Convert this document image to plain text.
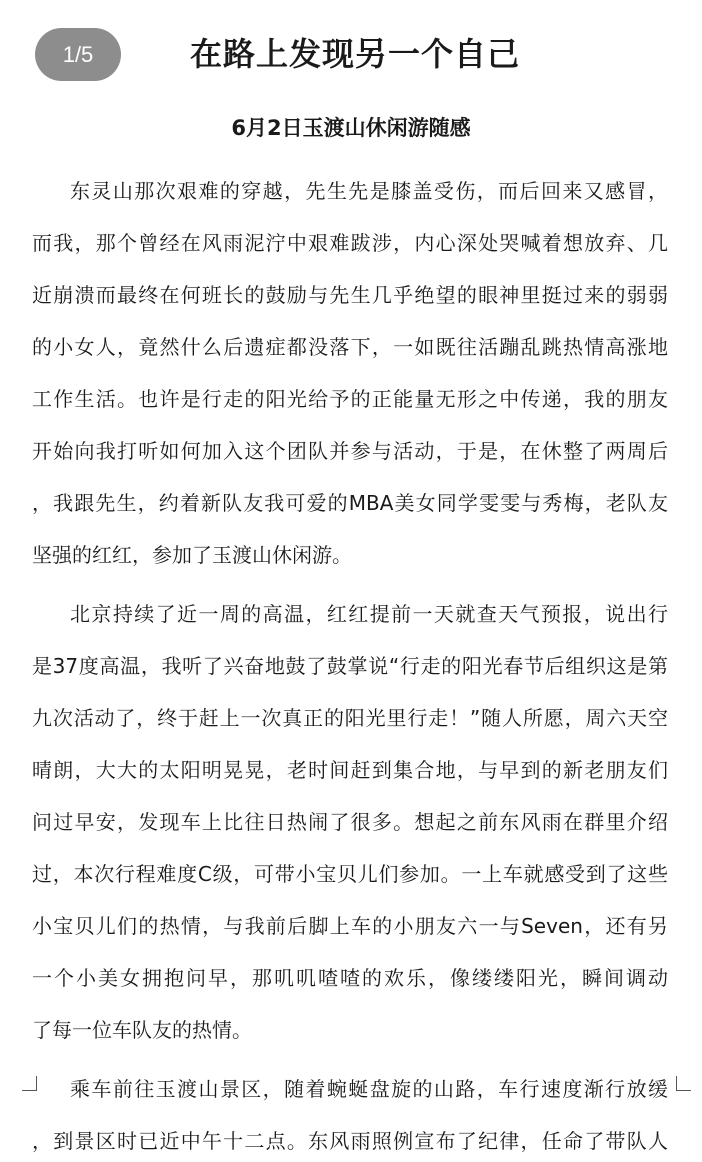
1/5	在路上发现另一个自己
6月2日玉渡山休闲游随感

东灵山那次艰难的穿越，先生先是膝盖受伤，而后回来又感冒，

而我，那个曾经在风雨泥泞中艰难跋涉，内心深处哭喊着想放弃、几

近崩溃而最终在何班长的鼓励与先生几乎绝望的眼神里挺过来的弱弱

的小女人，竟然什么后遗症都没落下，一如既往活蹦乱跳热情高涨地

工作生活。也许是行走的阳光给予的正能量无形之中传递，我的朋友

开始向我打听如何加入这个团队并参与活动，于是，在休整了两周后

，我跟先生，约着新队友我可爱的MBA美女同学雯雯与秀梅，老队友

坚强的红红，参加了玉渡山休闲游。

北京持续了近一周的高温，红红提前一天就查天气预报，说出行

是37度高温，我听了兴奋地鼓了鼓掌说“行走的阳光春节后组织这是第

九次活动了，终于赶上一次真正的阳光里行走！”随人所愿，周六天空

晴朗，大大的太阳明晃晃，老时间赶到集合地，与早到的新老朋友们

问过早安，发现车上比往日热闹了很多。想起之前东风雨在群里介绍

过，本次行程难度C级，可带小宝贝儿们参加。一上车就感受到了这些

小宝贝儿们的热情，与我前后脚上车的小朋友六一与Seven，还有另

一个小美女拥抱问早，那叽叽喳喳的欢乐，像缕缕阳光，瞬间调动

了每一位车队友的热情。

乘车前往玉渡山景区，随着蜿蜒盘旋的山路，车行速度渐行放缓

，到景区时已近中午十二点。东风雨照例宣布了纪律，任命了带队人
